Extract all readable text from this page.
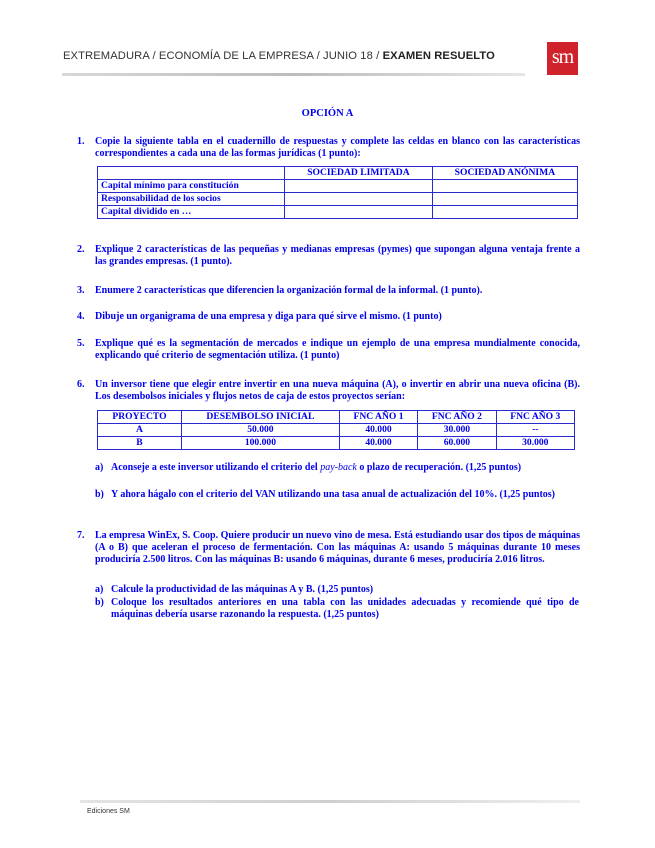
EXTREMADURA / ECONOMÍA DE LA EMPRESA / JUNIO 18 / EXAMEN RESUELTO	sm
OPCIÓN A
1. Copie la siguiente tabla en el cuadernillo de respuestas y complete las celdas en blanco con las características correspondientes a cada una de las formas jurídicas (1 punto):
	SOCIEDAD LIMITADA	SOCIEDAD ANÓNIMA
Capital mínimo para constitución		
Responsabilidad de los socios		
Capital dividido en …		
2. Explique 2 características de las pequeñas y medianas empresas (pymes) que supongan alguna ventaja frente a las grandes empresas. (1 punto).
3. Enumere 2 características que diferencien la organización formal de la informal. (1 punto).
4. Dibuje un organigrama de una empresa y diga para qué sirve el mismo. (1 punto)
5. Explique qué es la segmentación de mercados e indique un ejemplo de una empresa mundialmente conocida, explicando qué criterio de segmentación utiliza. (1 punto)
6. Un inversor tiene que elegir entre invertir en una nueva máquina (A), o invertir en abrir una nueva oficina (B). Los desembolsos iniciales y flujos netos de caja de estos proyectos serían:
PROYECTO	DESEMBOLSO INICIAL	FNC AÑO 1	FNC AÑO 2	FNC AÑO 3
A	50.000	40.000	30.000	--
B	100.000	40.000	60.000	30.000
a) Aconseje a este inversor utilizando el criterio del pay-back o plazo de recuperación. (1,25 puntos)
b) Y ahora hágalo con el criterio del VAN utilizando una tasa anual de actualización del 10%. (1,25 puntos)
7. La empresa WinEx, S. Coop. Quiere producir un nuevo vino de mesa. Está estudiando usar dos tipos de máquinas (A o B) que aceleran el proceso de fermentación. Con las máquinas A: usando 5 máquinas durante 10 meses produciría 2.500 litros. Con las máquinas B: usando 6 máquinas, durante 6 meses, produciría 2.016 litros.
a) Calcule la productividad de las máquinas A y B. (1,25 puntos)
b) Coloque los resultados anteriores en una tabla con las unidades adecuadas y recomiende qué tipo de máquinas debería usarse razonando la respuesta. (1,25 puntos)
Ediciones SM
